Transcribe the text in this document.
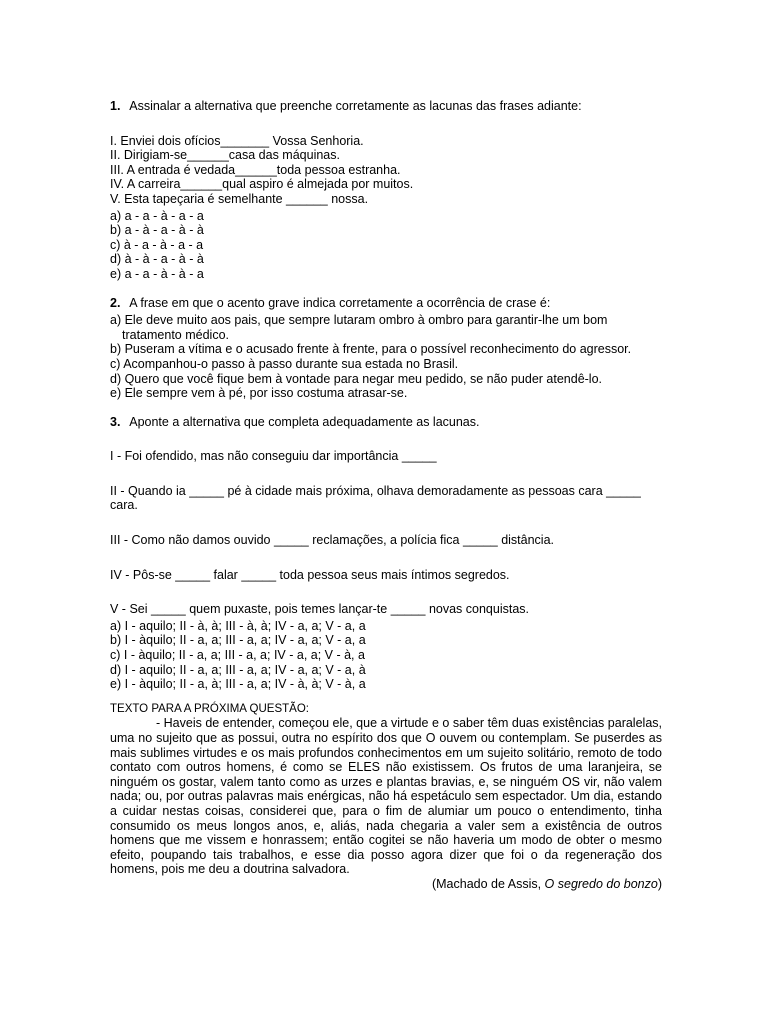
1. Assinalar a alternativa que preenche corretamente as lacunas das frases adiante:

I. Enviei dois ofícios_______ Vossa Senhoria.

II. Dirigiam-se______casa das máquinas.

III. A entrada é vedada______toda pessoa estranha.

IV. A carreira______qual aspiro é almejada por muitos.

V. Esta tapeçaria é semelhante ______ nossa.

a) a - a - à - a - a

b) a - à - a - à - à

c) à - a - à - a - a

d) à - à - a - à - à

e) a - a - à - à - a

2. A frase em que o acento grave indica corretamente a ocorrência de crase é:

a) Ele deve muito aos pais, que sempre lutaram ombro à ombro para garantir-lhe um bom

tratamento médico.

b) Puseram a vítima e o acusado frente à frente, para o possível reconhecimento do agressor.

c) Acompanhou-o passo à passo durante sua estada no Brasil.

d) Quero que você fique bem à vontade para negar meu pedido, se não puder atendê-lo.

e) Ele sempre vem à pé, por isso costuma atrasar-se.

3. Aponte a alternativa que completa adequadamente as lacunas.

I - Foi ofendido, mas não conseguiu dar importância _____

II - Quando ia _____ pé à cidade mais próxima, olhava demoradamente as pessoas cara _____

cara.

III - Como não damos ouvido _____ reclamações, a polícia fica _____ distância.

IV - Pôs-se _____ falar _____ toda pessoa seus mais íntimos segredos.

V - Sei _____ quem puxaste, pois temes lançar-te _____ novas conquistas.

a) I - aquilo; II - à, à; III - à, à; IV - a, a; V - a, a

b) I - àquilo; II - a, a; III - a, a; IV - a, a; V - a, a

c) I - àquilo; II - a, a; III - a, a; IV - a, a; V - à, a

d) I - aquilo; II - a, a; III - a, a; IV - a, a; V - a, à

e) I - àquilo; II - a, à; III - a, a; IV - à, à; V - à, a

TEXTO PARA A PRÓXIMA QUESTÃO:

- Haveis de entender, começou ele, que a virtude e o saber têm duas existências paralelas, uma no sujeito que as possui, outra no espírito dos que O ouvem ou contemplam. Se puserdes as mais sublimes virtudes e os mais profundos conhecimentos em um sujeito solitário, remoto de todo contato com outros homens, é como se ELES não existissem. Os frutos de uma laranjeira, se ninguém os gostar, valem tanto como as urzes e plantas bravias, e, se ninguém OS vir, não valem nada; ou, por outras palavras mais enérgicas, não há espetáculo sem espectador. Um dia, estando a cuidar nestas coisas, considerei que, para o fim de alumiar um pouco o entendimento, tinha consumido os meus longos anos, e, aliás, nada chegaria a valer sem a existência de outros homens que me vissem e honrassem; então cogitei se não haveria um modo de obter o mesmo efeito, poupando tais trabalhos, e esse dia posso agora dizer que foi o da regeneração dos homens, pois me deu a doutrina salvadora.

(Machado de Assis, O segredo do bonzo)
